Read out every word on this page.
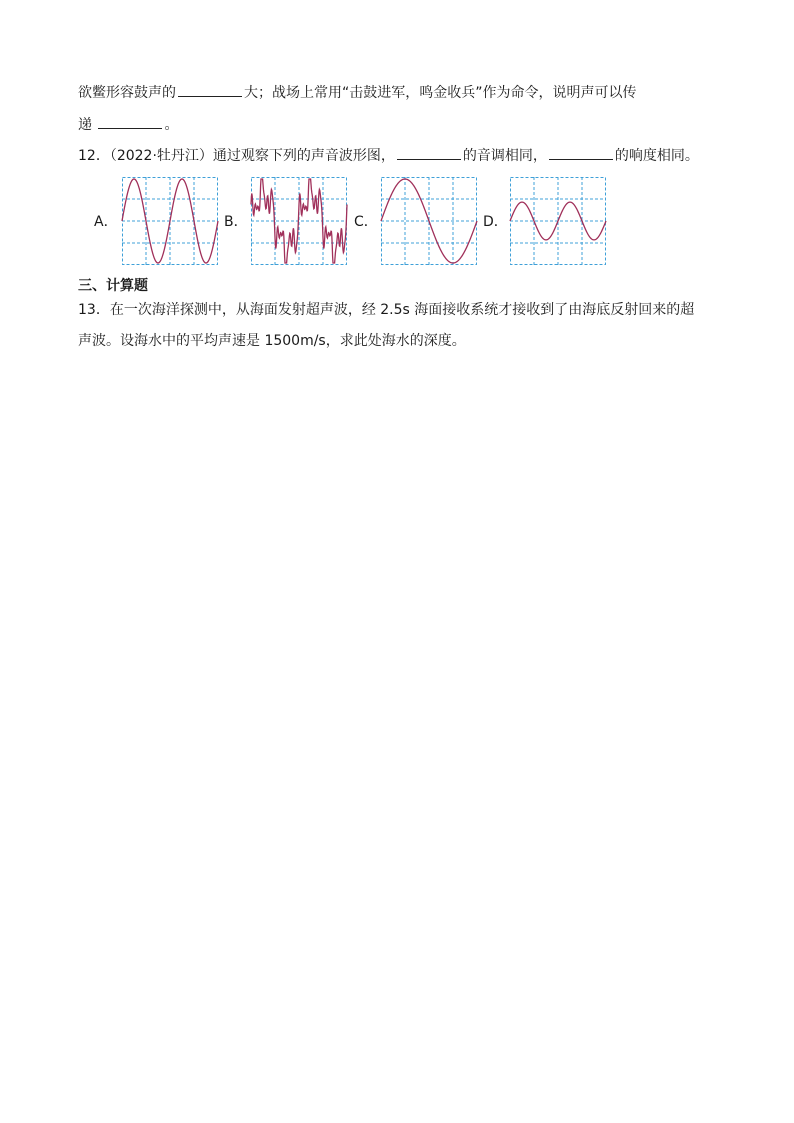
欲鳖形容鼓声的	大；战场上常用“击鼓进军，鸣金收兵”作为命令，说明声可以传
递	。
12．（2022·牡丹江）通过观察下列的声音波形图，	的音调相同，	的响度相同。
A．	B．	C．	D．
三、计算题
13．在一次海洋探测中，从海面发射超声波，经 2.5s 海面接收系统才接收到了由海底反射回来的超
声波。设海水中的平均声速是 1500m/s，求此处海水的深度。
